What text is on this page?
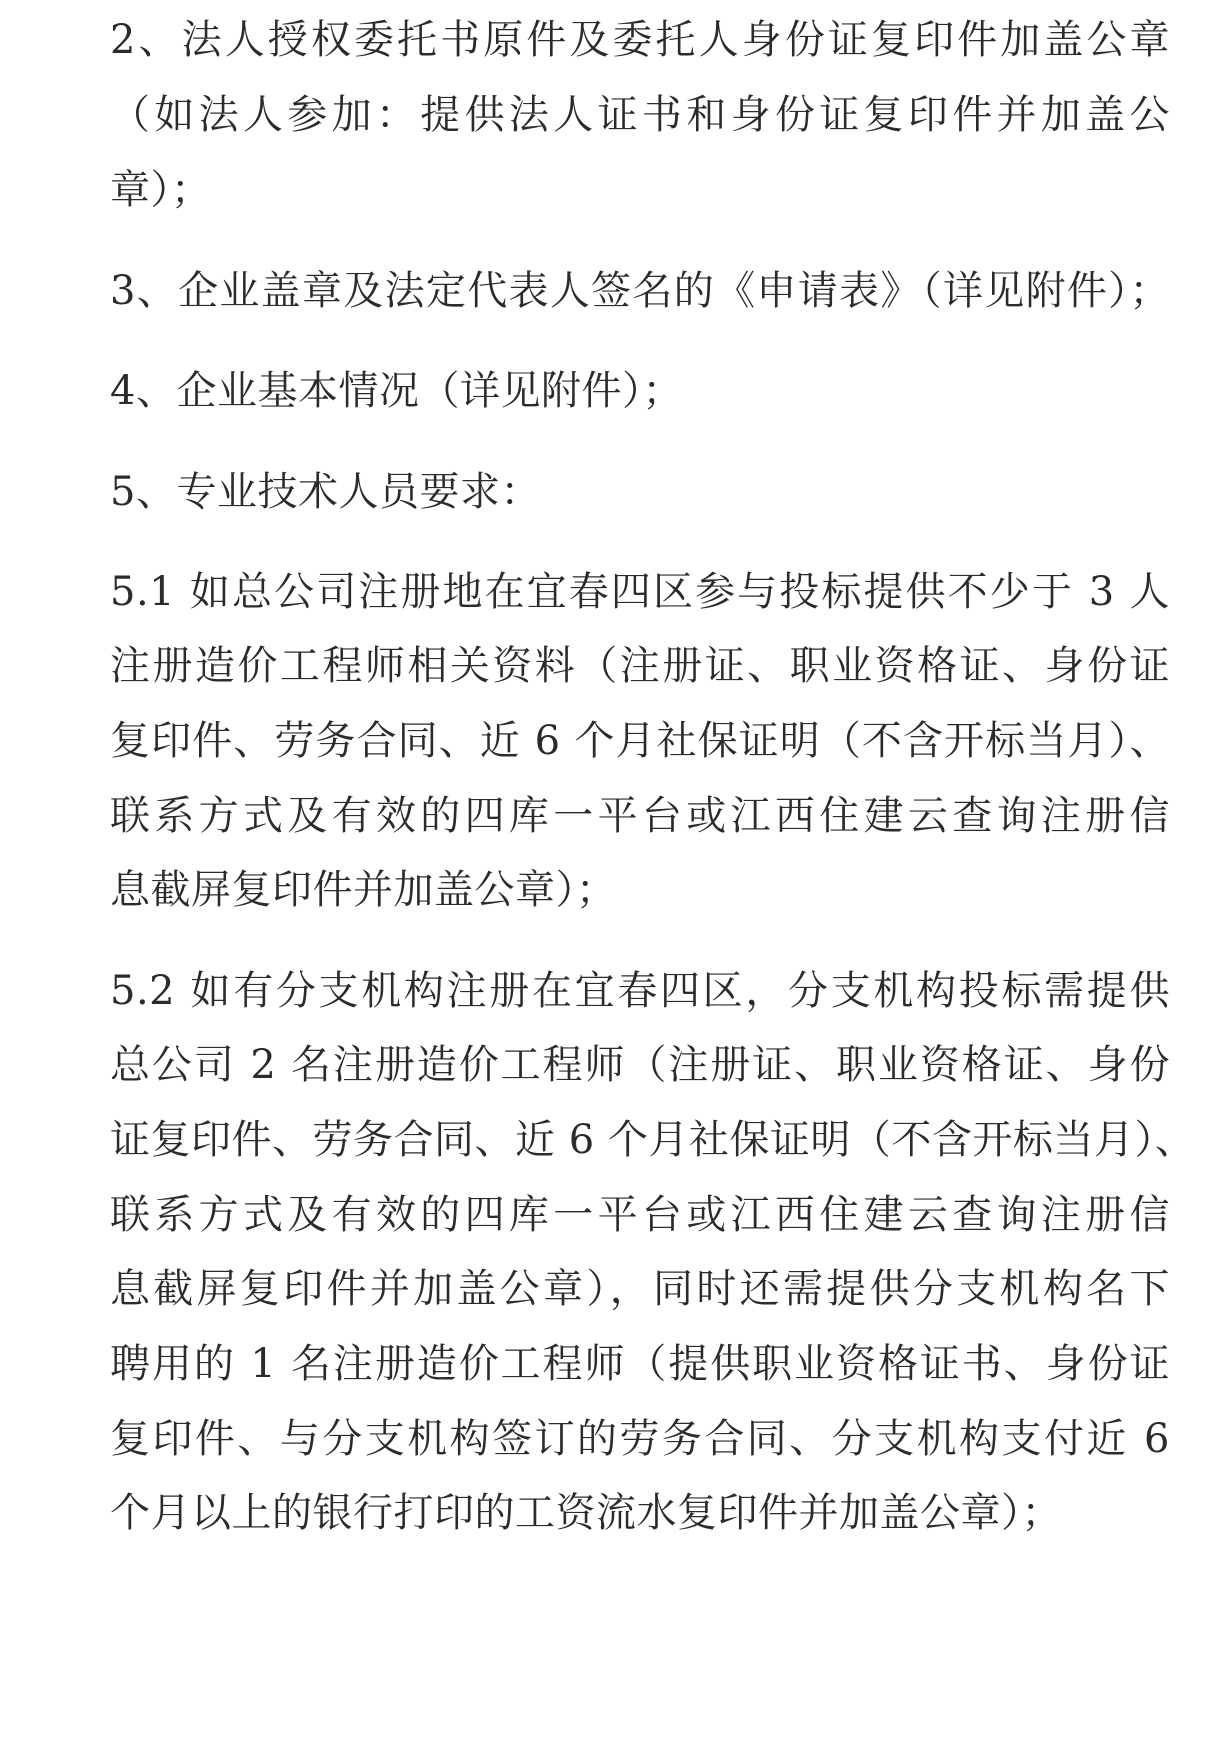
2、法人授权委托书原件及委托人身份证复印件加盖公章
（如法人参加：提供法人证书和身份证复印件并加盖公
章）；
3、企业盖章及法定代表人签名的《申请表》（详见附件）；
4、企业基本情况（详见附件）；
5、专业技术人员要求：
5.1 如总公司注册地在宜春四区参与投标提供不少于 3 人
注册造价工程师相关资料（注册证、职业资格证、身份证
复印件、劳务合同、近 6 个月社保证明（不含开标当月）、
联系方式及有效的四库一平台或江西住建云查询注册信
息截屏复印件并加盖公章）；
5.2 如有分支机构注册在宜春四区，分支机构投标需提供
总公司 2 名注册造价工程师（注册证、职业资格证、身份
证复印件、劳务合同、近 6 个月社保证明（不含开标当月）、
联系方式及有效的四库一平台或江西住建云查询注册信
息截屏复印件并加盖公章），同时还需提供分支机构名下
聘用的 1 名注册造价工程师（提供职业资格证书、身份证
复印件、与分支机构签订的劳务合同、分支机构支付近 6
个月以上的银行打印的工资流水复印件并加盖公章）；
